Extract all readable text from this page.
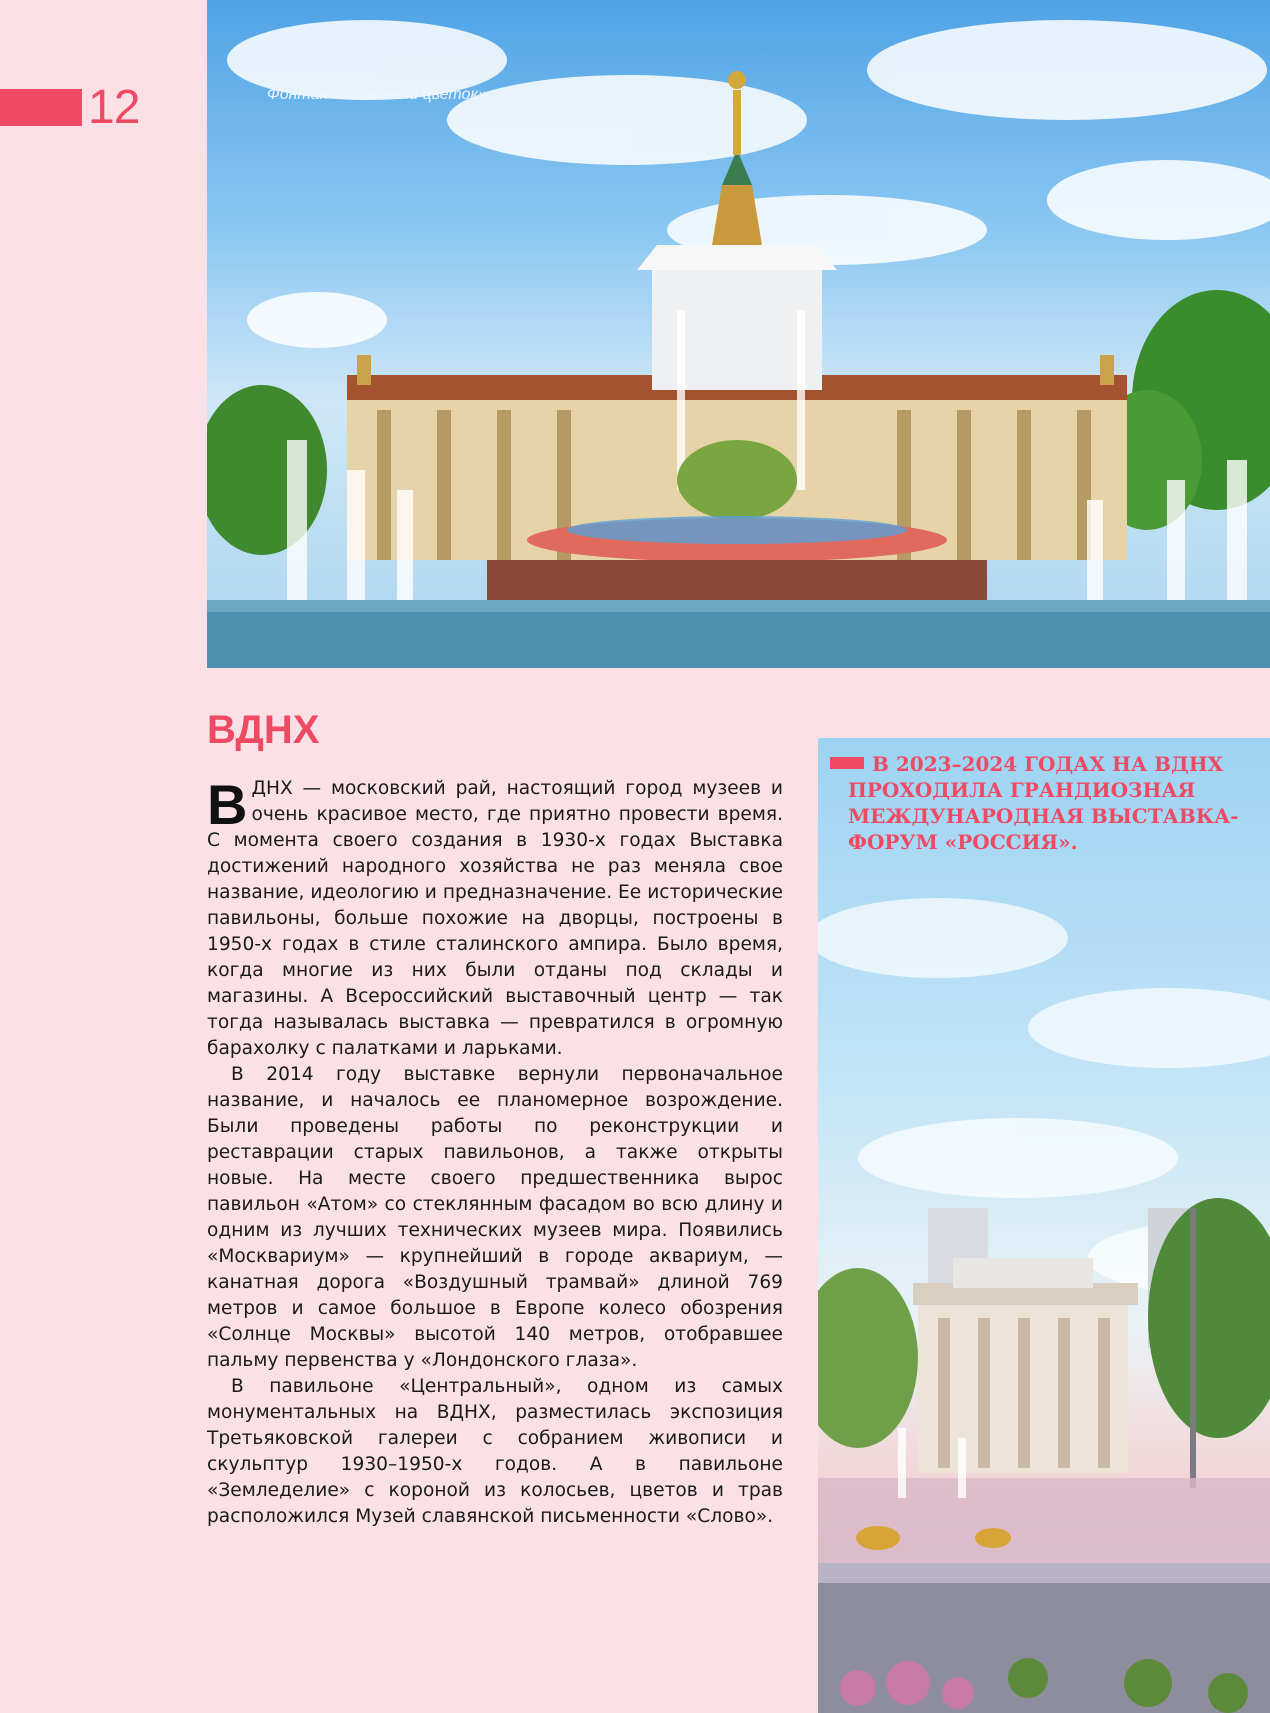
12	Фонтан «Каменный цветок»
ВДНХ

ВДНХ — московский рай, настоящий город музеев и очень красивое место, где приятно провести время. С момента своего создания в 1930-х годах Выставка достижений народного хозяйства не раз меняла свое название, идеологию и предназначение. Ее исторические павильоны, больше похожие на дворцы, построены в 1950-х годах в стиле сталинского ампира. Было время, когда многие из них были отданы под склады и магазины. А Всероссийский выставочный центр — так тогда называлась выставка — превратился в огромную барахолку с палатками и ларьками.

В 2014 году выставке вернули первоначальное название, и началось ее планомерное возрождение. Были проведены работы по реконструкции и реставрации старых павильонов, а также открыты новые. На месте своего предшественника вырос павильон «Атом» со стеклянным фасадом во всю длину и одним из лучших технических музеев мира. Появились «Москвариум» — крупнейший в городе аквариум, — канатная дорога «Воздушный трамвай» длиной 769 метров и самое большое в Европе колесо обозрения «Солнце Москвы» высотой 140 метров, отобравшее пальму первенства у «Лондонского глаза».

В павильоне «Центральный», одном из самых монументальных на ВДНХ, разместилась экспозиция Третьяковской галереи с собранием живописи и скульптур 1930–1950-х годов. А в павильоне «Земледелие» с короной из колосьев, цветов и трав расположился Музей славянской письменности «Слово».

В 2023–2024 ГОДАХ НА ВДНХ ПРОХОДИЛА ГРАНДИОЗНАЯ МЕЖДУНАРОДНАЯ ВЫСТАВКА-ФОРУМ «РОССИЯ».
